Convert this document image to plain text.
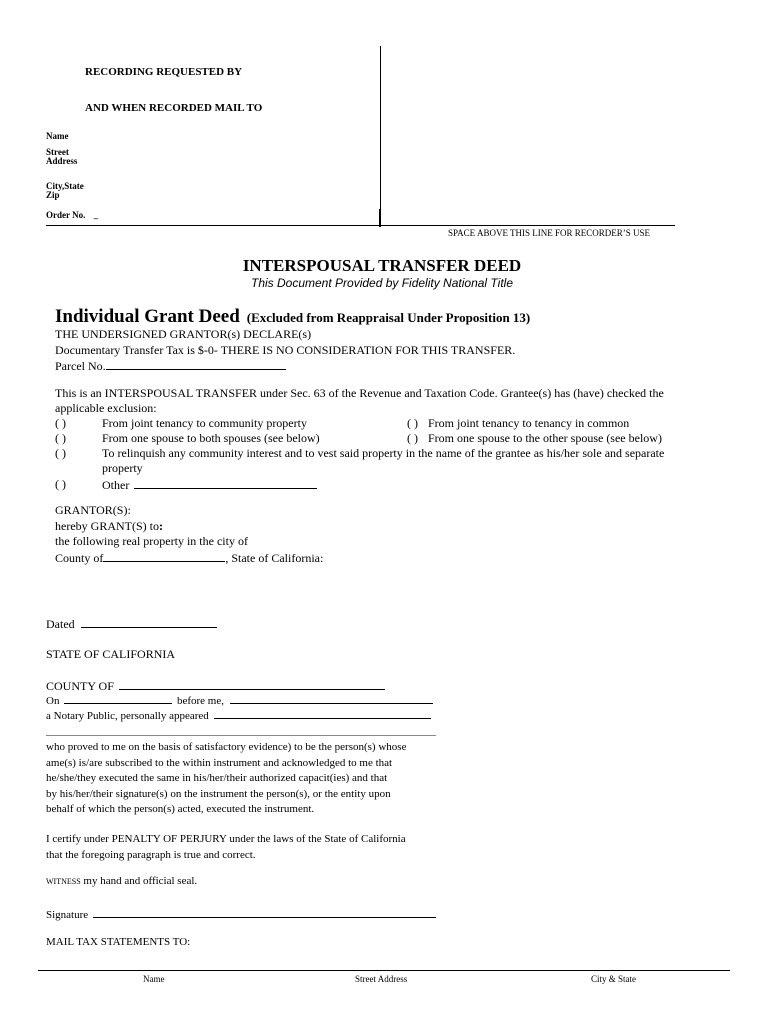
RECORDING REQUESTED BY
AND WHEN RECORDED MAIL TO
Name
Street
Address
City,State
Zip
Order No. _
SPACE ABOVE THIS LINE FOR RECORDER’S USE
INTERSPOUSAL TRANSFER DEED
This Document Provided by Fidelity National Title
Individual Grant Deed (Excluded from Reappraisal Under Proposition 13)
THE UNDERSIGNED GRANTOR(s) DECLARE(s)
Documentary Transfer Tax is $-0- THERE IS NO CONSIDERATION FOR THIS TRANSFER.
Parcel No.
This is an INTERSPOUSAL TRANSFER under Sec. 63 of the Revenue and Taxation Code. Grantee(s) has (have) checked the
applicable exclusion:
( )	From joint tenancy to community property	( ) From joint tenancy to tenancy in common
( )	From one spouse to both spouses (see below)	( ) From one spouse to the other spouse (see below)
( )	To relinquish any community interest and to vest said property in the name of the grantee as his/her sole and separate
property
( )	Other
GRANTOR(S):
hereby GRANT(S) to:
the following real property in the city of
County of	, State of California:
Dated
STATE OF CALIFORNIA
COUNTY OF
On	before me,
a Notary Public, personally appeared
who proved to me on the basis of satisfactory evidence) to be the person(s) whose
ame(s) is/are subscribed to the within instrument and acknowledged to me that
he/she/they executed the same in his/her/their authorized capacit(ies) and that
by his/her/their signature(s) on the instrument the person(s), or the entity upon
behalf of which the person(s) acted, executed the instrument.
I certify under PENALTY OF PERJURY under the laws of the State of California
that the foregoing paragraph is true and correct.
WITNESS my hand and official seal.
Signature
MAIL TAX STATEMENTS TO:
Name	Street Address	City & State
